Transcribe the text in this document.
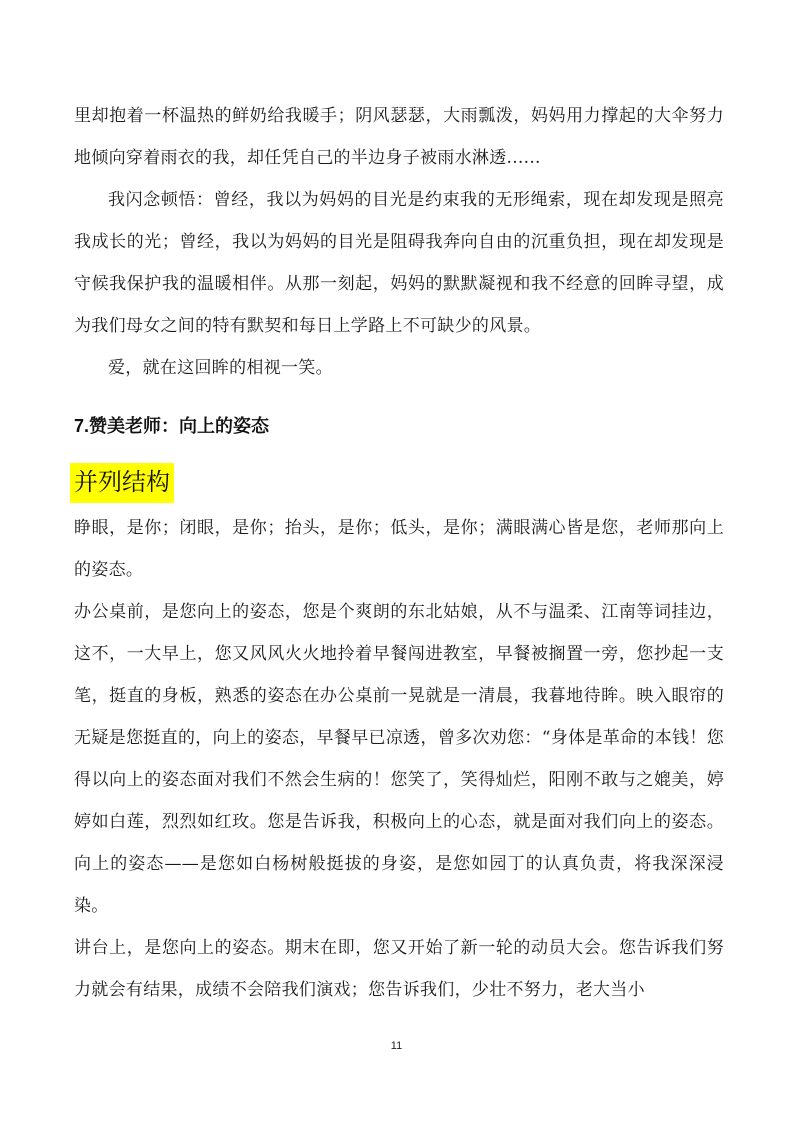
里却抱着一杯温热的鲜奶给我暖手；阴风瑟瑟，大雨瓢泼，妈妈用力撑起的大伞努力地倾向穿着雨衣的我，却任凭自己的半边身子被雨水淋透......

我闪念顿悟：曾经，我以为妈妈的目光是约束我的无形绳索，现在却发现是照亮我成长的光；曾经，我以为妈妈的目光是阻碍我奔向自由的沉重负担，现在却发现是守候我保护我的温暖相伴。从那一刻起，妈妈的默默凝视和我不经意的回眸寻望，成为我们母女之间的特有默契和每日上学路上不可缺少的风景。

爱，就在这回眸的相视一笑。

7.赞美老师：向上的姿态
并列结构

睁眼，是你；闭眼，是你；抬头，是你；低头，是你；满眼满心皆是您，老师那向上的姿态。

办公桌前，是您向上的姿态，您是个爽朗的东北姑娘，从不与温柔、江南等词挂边，这不，一大早上，您又风风火火地拎着早餐闯进教室，早餐被搁置一旁，您抄起一支笔，挺直的身板，熟悉的姿态在办公桌前一晃就是一清晨，我暮地待眸。映入眼帘的无疑是您挺直的，向上的姿态，早餐早已凉透，曾多次劝您：“身体是革命的本钱！您得以向上的姿态面对我们不然会生病的！您笑了，笑得灿烂，阳刚不敢与之媲美，婷婷如白莲，烈烈如红玫。您是告诉我，积极向上的心态，就是面对我们向上的姿态。向上的姿态——是您如白杨树般挺拔的身姿，是您如园丁的认真负责，将我深深浸染。

讲台上，是您向上的姿态。期末在即，您又开始了新一轮的动员大会。您告诉我们努力就会有结果，成绩不会陪我们演戏；您告诉我们，少壮不努力，老大当小

11
